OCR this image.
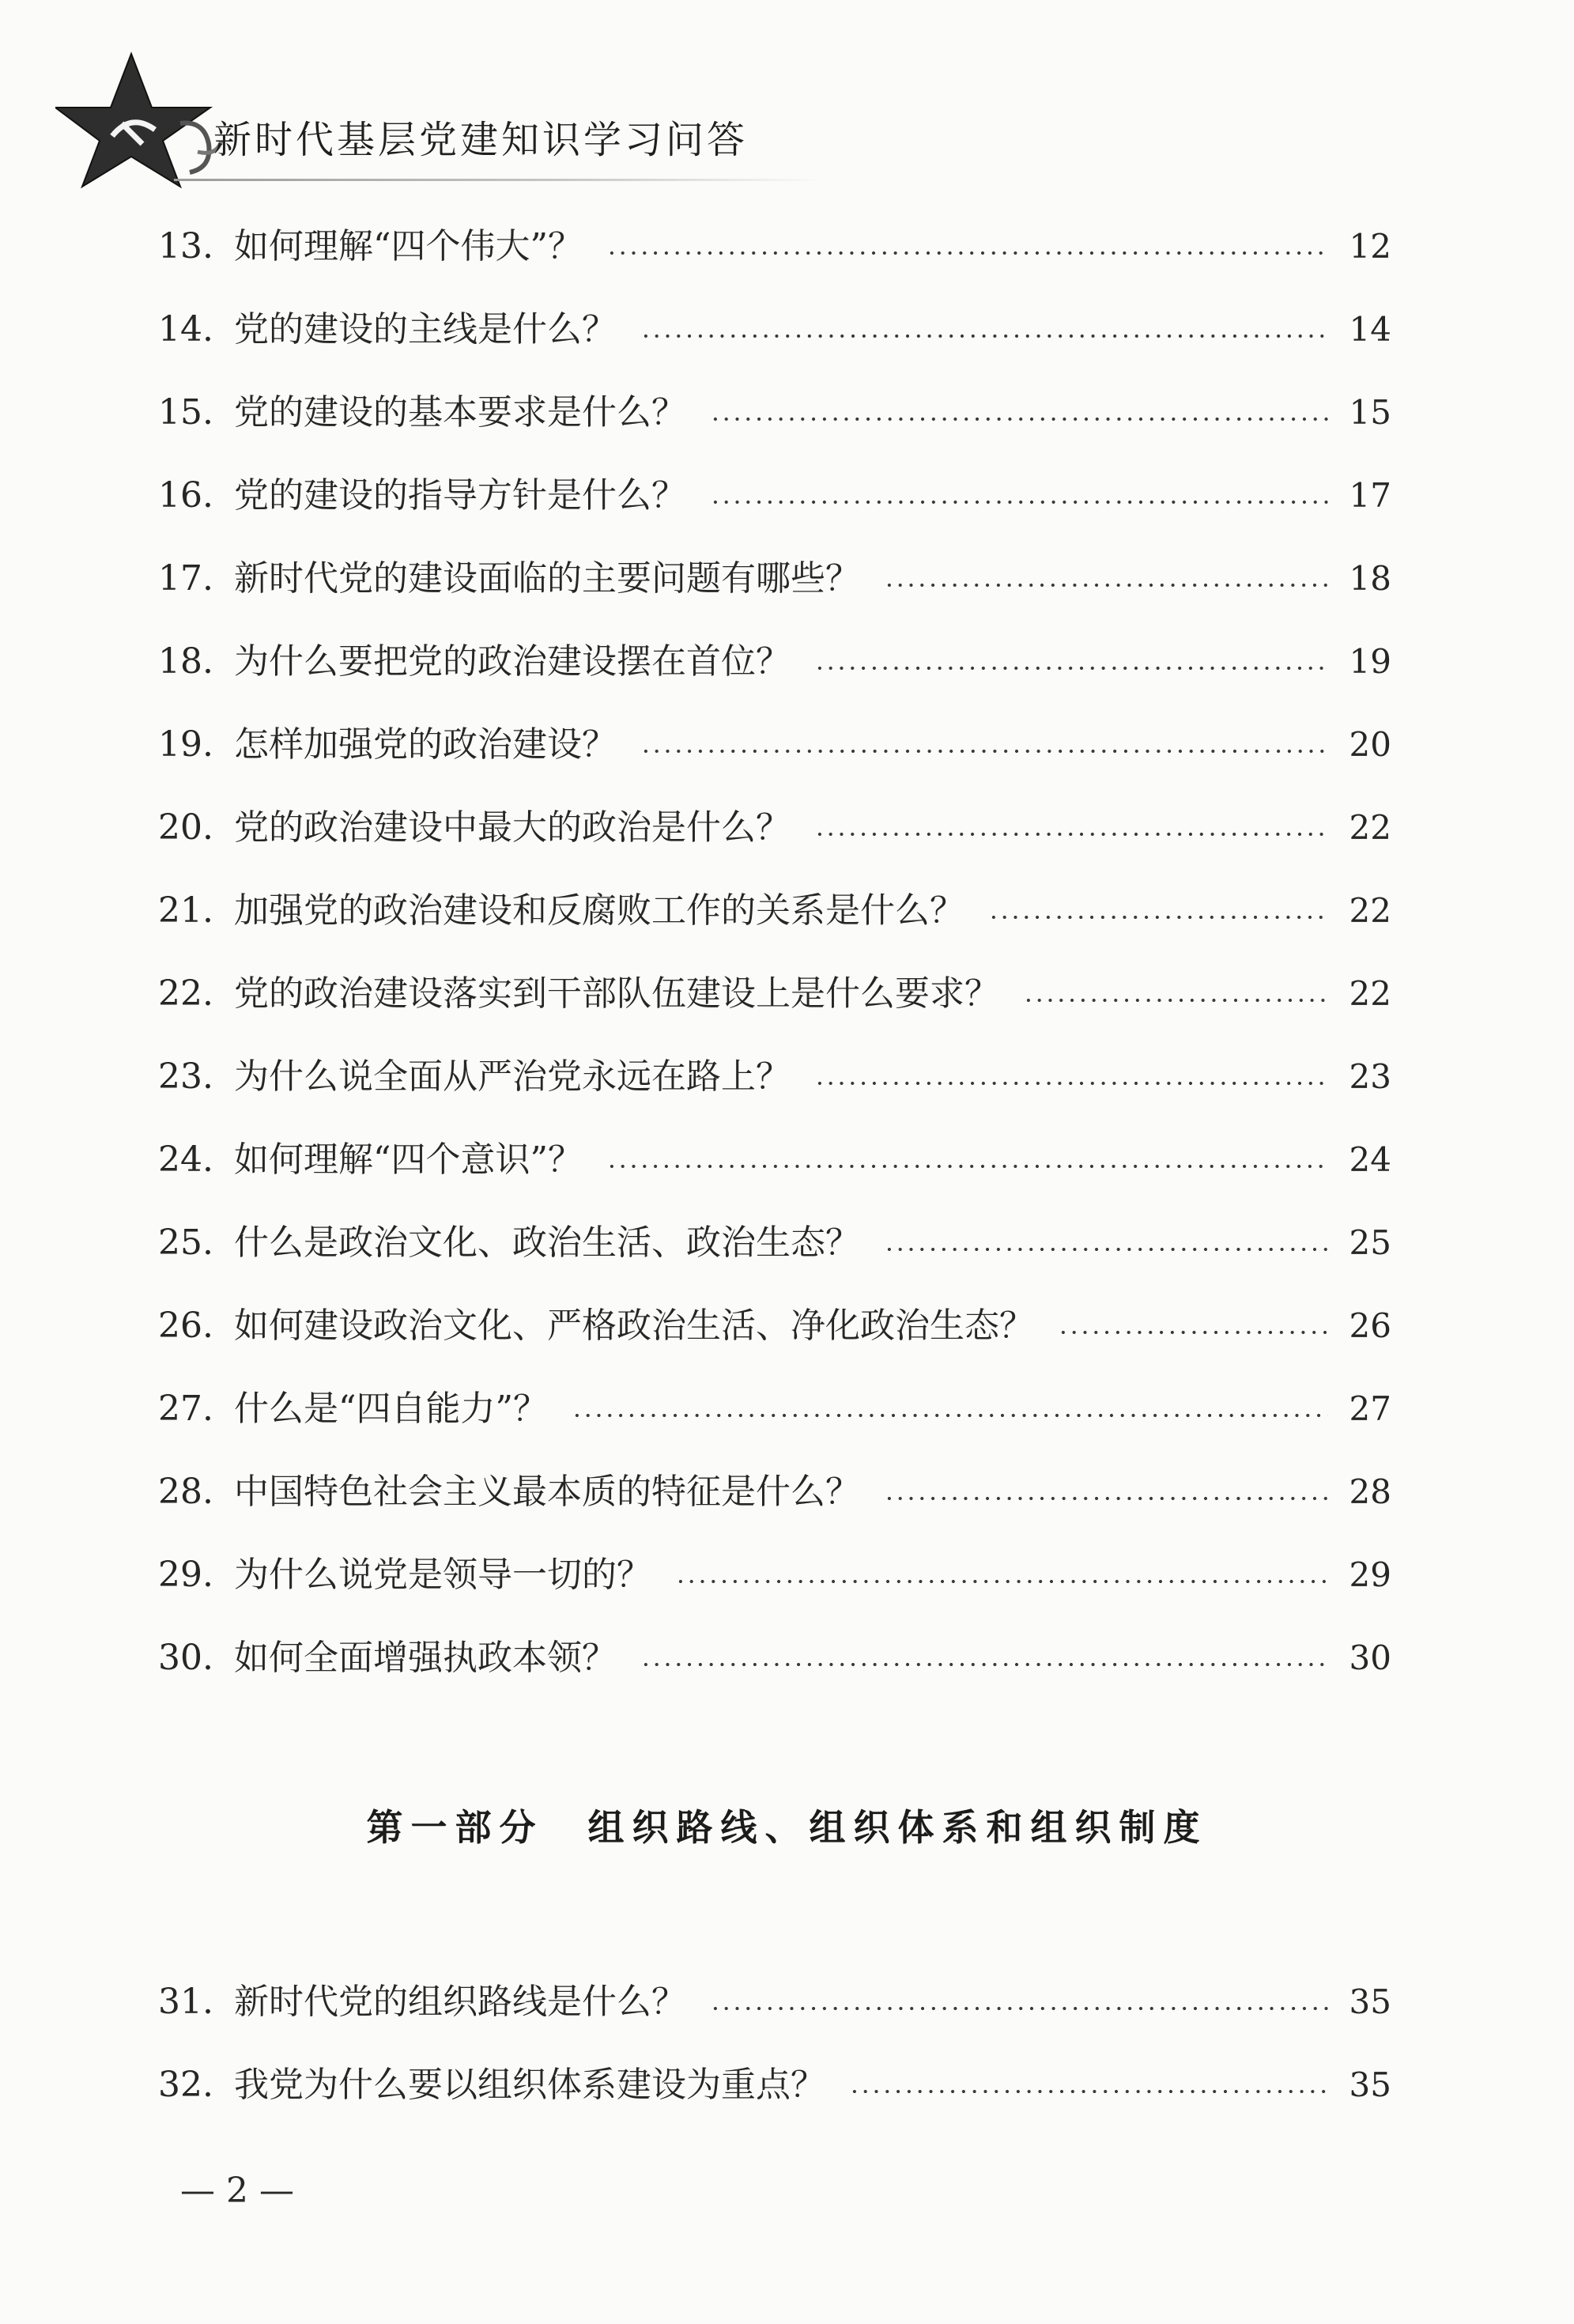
新时代基层党建知识学习问答
13. 如何理解“四个伟大”？	12
14. 党的建设的主线是什么？	14
15. 党的建设的基本要求是什么？	15
16. 党的建设的指导方针是什么？	17
17. 新时代党的建设面临的主要问题有哪些？	18
18. 为什么要把党的政治建设摆在首位？	19
19. 怎样加强党的政治建设？	20
20. 党的政治建设中最大的政治是什么？	22
21. 加强党的政治建设和反腐败工作的关系是什么？	22
22. 党的政治建设落实到干部队伍建设上是什么要求？	22
23. 为什么说全面从严治党永远在路上？	23
24. 如何理解“四个意识”？	24
25. 什么是政治文化、政治生活、政治生态？	25
26. 如何建设政治文化、严格政治生活、净化政治生态？	26
27. 什么是“四自能力”？	27
28. 中国特色社会主义最本质的特征是什么？	28
29. 为什么说党是领导一切的？	29
30. 如何全面增强执政本领？	30
第一部分　组织路线、组织体系和组织制度
31. 新时代党的组织路线是什么？	35
32. 我党为什么要以组织体系建设为重点？	35
— 2 —
